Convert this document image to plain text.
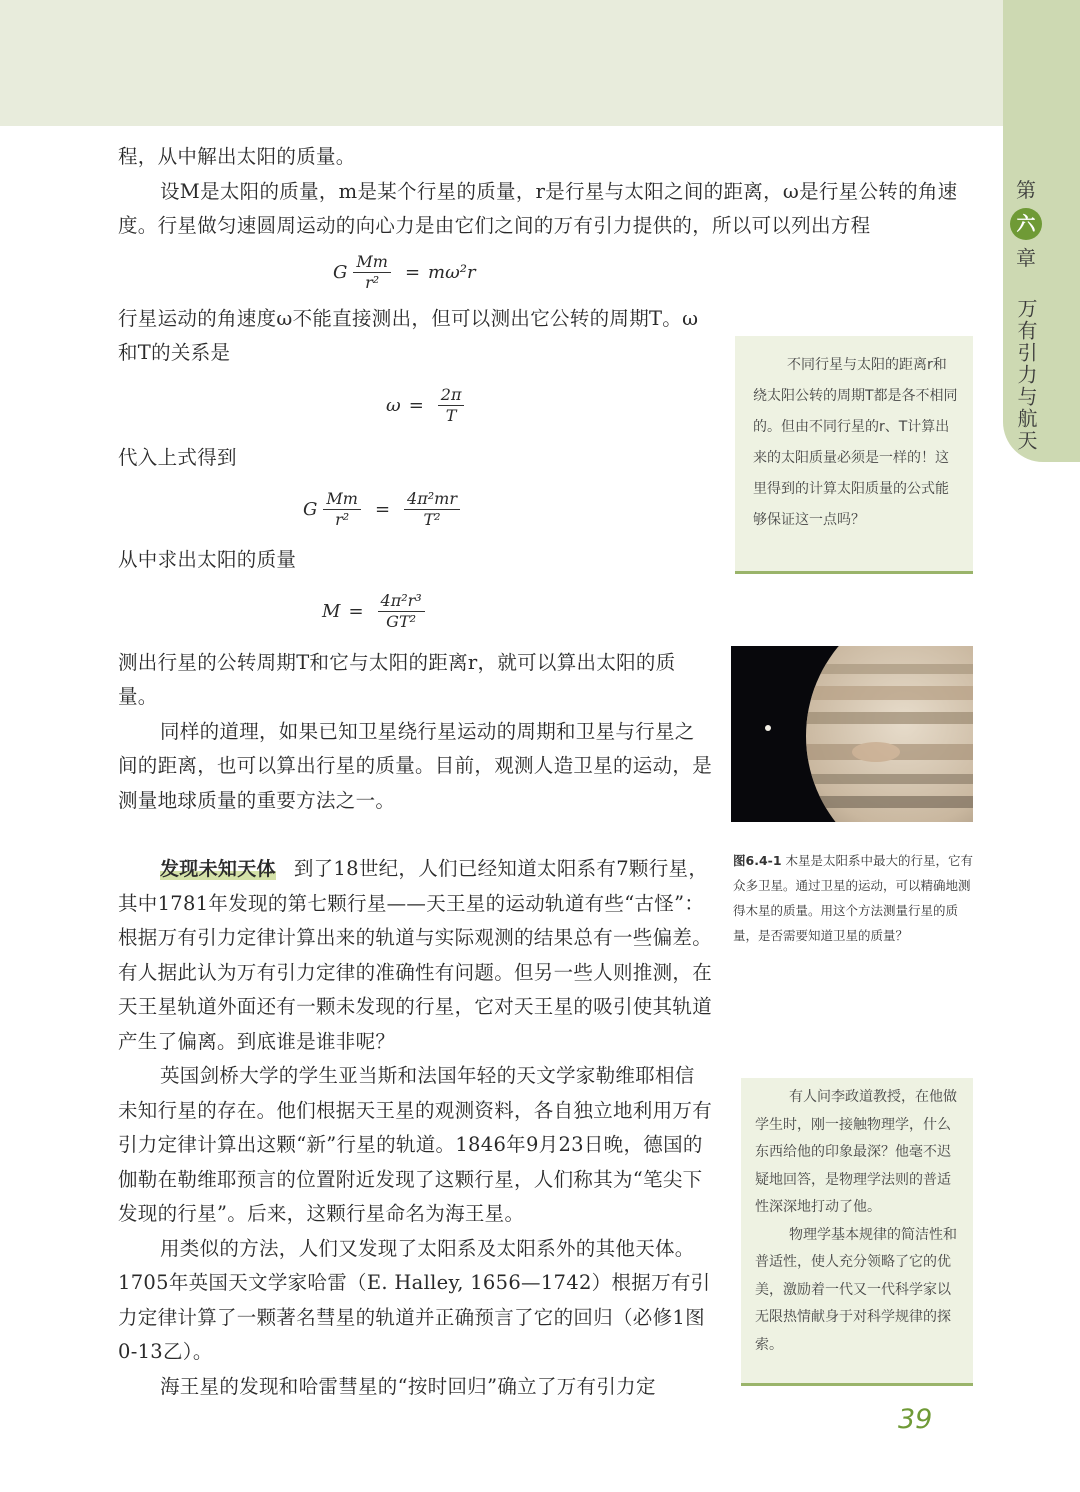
第
六
章
万有引力与航天

程，从中解出太阳的质量。

设M是太阳的质量，m是某个行星的质量，r是行星与太阳之间的距离，ω是行星公转的角速度。行星做匀速圆周运动的向心力是由它们之间的万有引力提供的，所以可以列出方程

G $\frac{Mm}{\text{r²}} = m\omega^2r$

行星运动的角速度ω不能直接测出，但可以测出它公转的周期T。ω和T的关系是

$\omega = \frac{2\pi}{T}$

代入上式得到

G $\frac{Mm}{\text{r²}} = \frac{\text{4π²mr}}{\text{T²}}$

从中求出太阳的质量

$M = \frac{\text{4π²r³}}{\text{GT²}}$

测出行星的公转周期T和它与太阳的距离r，就可以算出太阳的质量。

同样的道理，如果已知卫星绕行星运动的周期和卫星与行星之间的距离，也可以算出行星的质量。目前，观测人造卫星的运动，是测量地球质量的重要方法之一。

发现未知天体 到了18世纪，人们已经知道太阳系有7颗行星，其中1781年发现的第七颗行星——天王星的运动轨道有些“古怪”：根据万有引力定律计算出来的轨道与实际观测的结果总有一些偏差。有人据此认为万有引力定律的准确性有问题。但另一些人则推测，在天王星轨道外面还有一颗未发现的行星，它对天王星的吸引使其轨道产生了偏离。到底谁是谁非呢？

英国剑桥大学的学生亚当斯和法国年轻的天文学家勒维耶相信未知行星的存在。他们根据天王星的观测资料，各自独立地利用万有引力定律计算出这颗“新”行星的轨道。1846年9月23日晚，德国的伽勒在勒维耶预言的位置附近发现了这颗行星，人们称其为“笔尖下发现的行星”。后来，这颗行星命名为海王星。

用类似的方法，人们又发现了太阳系及太阳系外的其他天体。1705年英国天文学家哈雷（E. Halley, 1656—1742）根据万有引力定律计算了一颗著名彗星的轨道并正确预言了它的回归（必修1图0-13乙）。

海王星的发现和哈雷彗星的“按时回归”确立了万有引力定

不同行星与太阳的距离r和绕太阳公转的周期T都是各不相同的。但由不同行星的r、T计算出来的太阳质量必须是一样的！这里得到的计算太阳质量的公式能够保证这一点吗？

图6.4-1 木星是太阳系中最大的行星，它有众多卫星。通过卫星的运动，可以精确地测得木星的质量。用这个方法测量行星的质量，是否需要知道卫星的质量？

有人问李政道教授，在他做学生时，刚一接触物理学，什么东西给他的印象最深？他毫不迟疑地回答，是物理学法则的普适性深深地打动了他。

物理学基本规律的简洁性和普适性，使人充分领略了它的优美，激励着一代又一代科学家以无限热情献身于对科学规律的探索。

39
